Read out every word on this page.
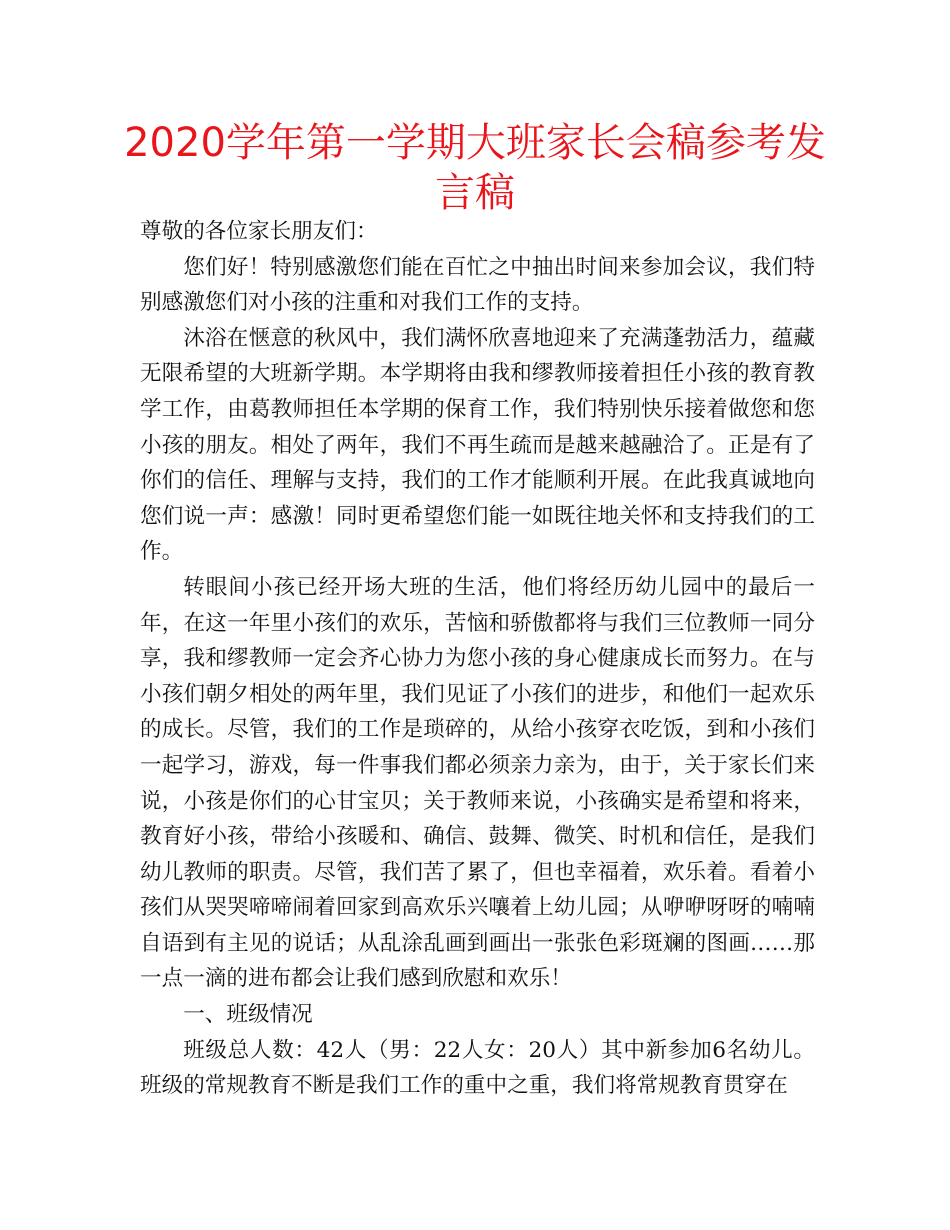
2020学年第一学期大班家长会稿参考发言稿

尊敬的各位家长朋友们：

您们好！特别感激您们能在百忙之中抽出时间来参加会议，我们特别感激您们对小孩的注重和对我们工作的支持。

沐浴在惬意的秋风中，我们满怀欣喜地迎来了充满蓬勃活力，蕴藏无限希望的大班新学期。本学期将由我和缪教师接着担任小孩的教育教学工作，由葛教师担任本学期的保育工作，我们特别快乐接着做您和您小孩的朋友。相处了两年，我们不再生疏而是越来越融洽了。正是有了你们的信任、理解与支持，我们的工作才能顺利开展。在此我真诚地向您们说一声：感激！同时更希望您们能一如既往地关怀和支持我们的工作。

转眼间小孩已经开场大班的生活，他们将经历幼儿园中的最后一年，在这一年里小孩们的欢乐，苦恼和骄傲都将与我们三位教师一同分享，我和缪教师一定会齐心协力为您小孩的身心健康成长而努力。在与小孩们朝夕相处的两年里，我们见证了小孩们的进步，和他们一起欢乐的成长。尽管，我们的工作是琐碎的，从给小孩穿衣吃饭，到和小孩们一起学习，游戏，每一件事我们都必须亲力亲为，由于，关于家长们来说，小孩是你们的心甘宝贝；关于教师来说，小孩确实是希望和将来，教育好小孩，带给小孩暖和、确信、鼓舞、微笑、时机和信任，是我们幼儿教师的职责。尽管，我们苦了累了，但也幸福着，欢乐着。看着小孩们从哭哭啼啼闹着回家到高欢乐兴嚷着上幼儿园；从咿咿呀呀的喃喃自语到有主见的说话；从乱涂乱画到画出一张张色彩斑斓的图画……那一点一滴的进布都会让我们感到欣慰和欢乐！

一、班级情况

班级总人数：42人（男：22人女：20人）其中新参加6名幼儿。班级的常规教育不断是我们工作的重中之重，我们将常规教育贯穿在
